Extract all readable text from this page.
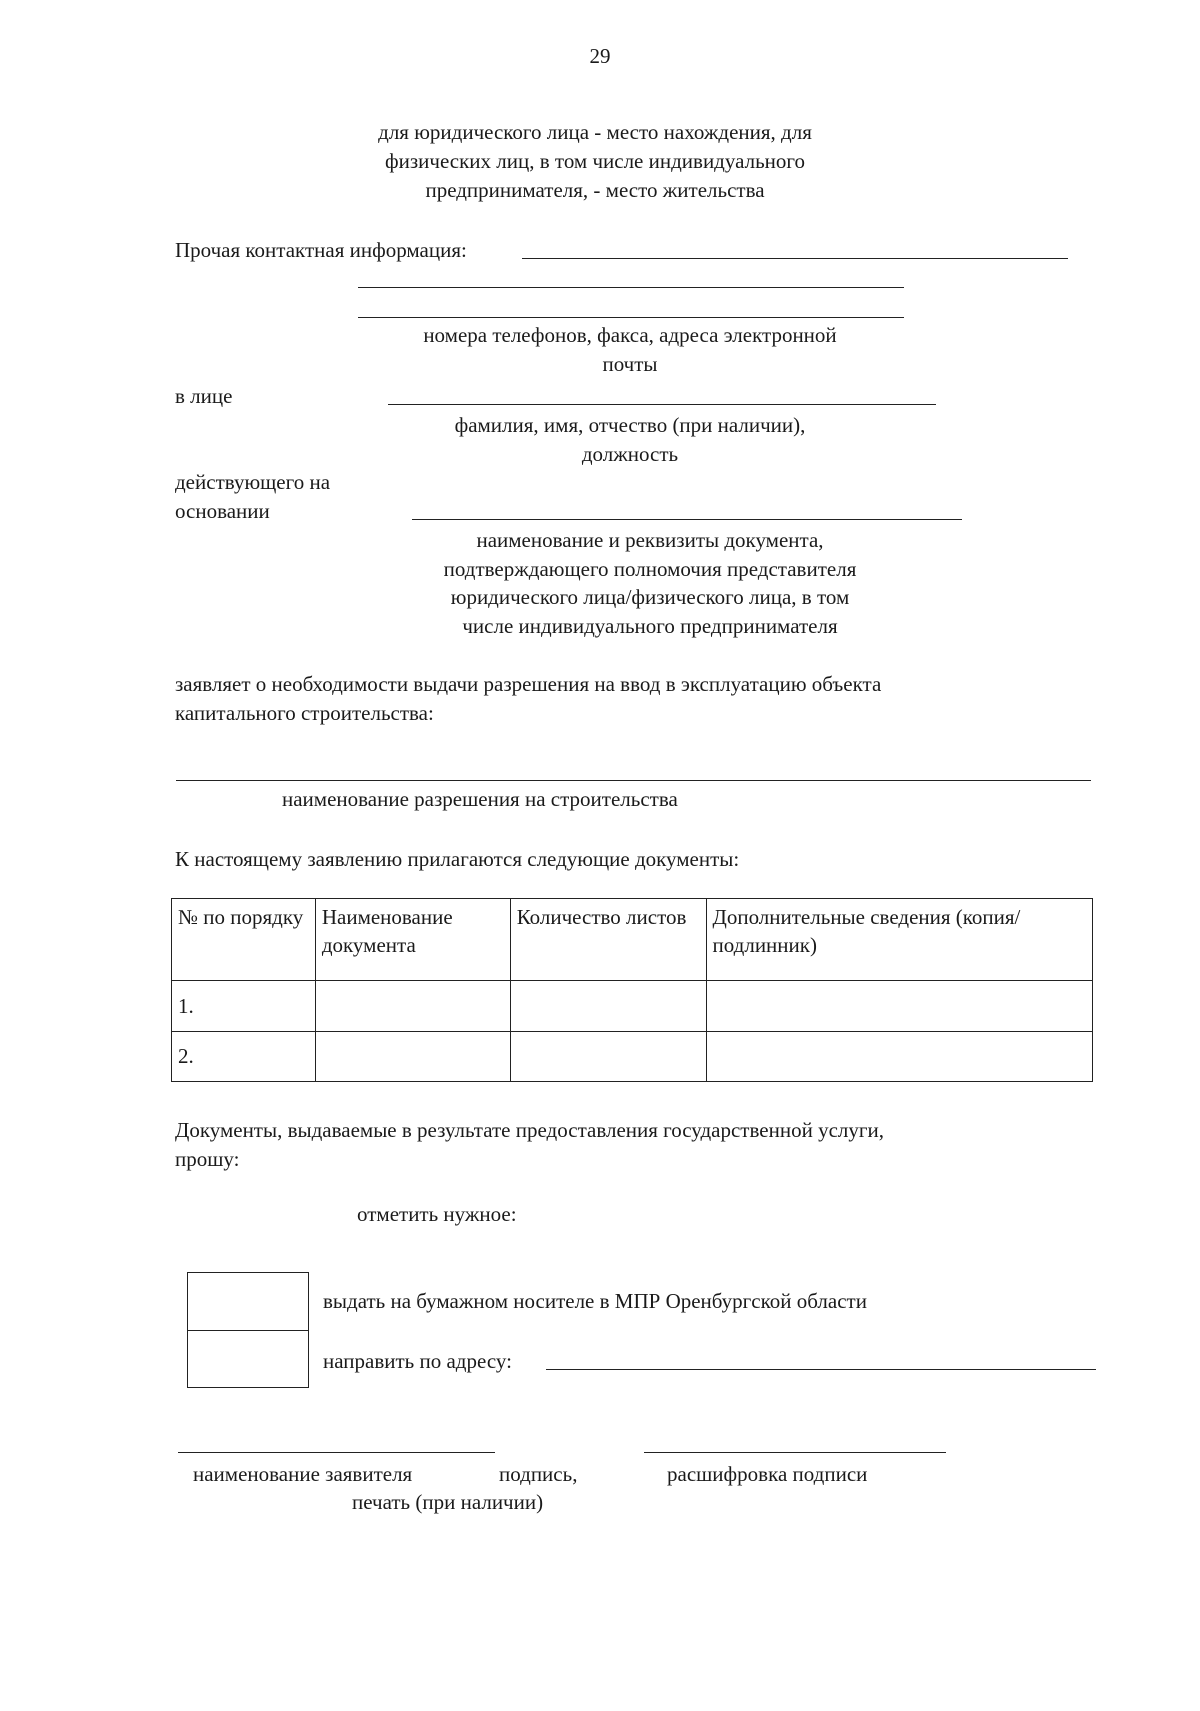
29
для юридического лица - место нахождения, для
физических лиц, в том числе индивидуального
предпринимателя, - место жительства
Прочая контактная информация:
номера телефонов, факса, адреса электронной
почты
в лице
фамилия, имя, отчество (при наличии),
должность
действующего на
основании
наименование и реквизиты документа,
подтверждающего полномочия представителя
юридического лица/физического лица, в том
числе индивидуального предпринимателя
заявляет о необходимости выдачи разрешения на ввод в эксплуатацию объекта
капитального строительства:
наименование разрешения на строительства
К настоящему заявлению прилагаются следующие документы:
№ по порядку	Наименование документа	Количество листов	Дополнительные сведения (копия/подлинник)
1.			
2.			
Документы, выдаваемые в результате предоставления государственной услуги,
прошу:
отметить нужное:
выдать на бумажном носителе в МПР Оренбургской области
направить по адресу:
наименование заявителя	подпись,
печать (при наличии)
расшифровка подписи
